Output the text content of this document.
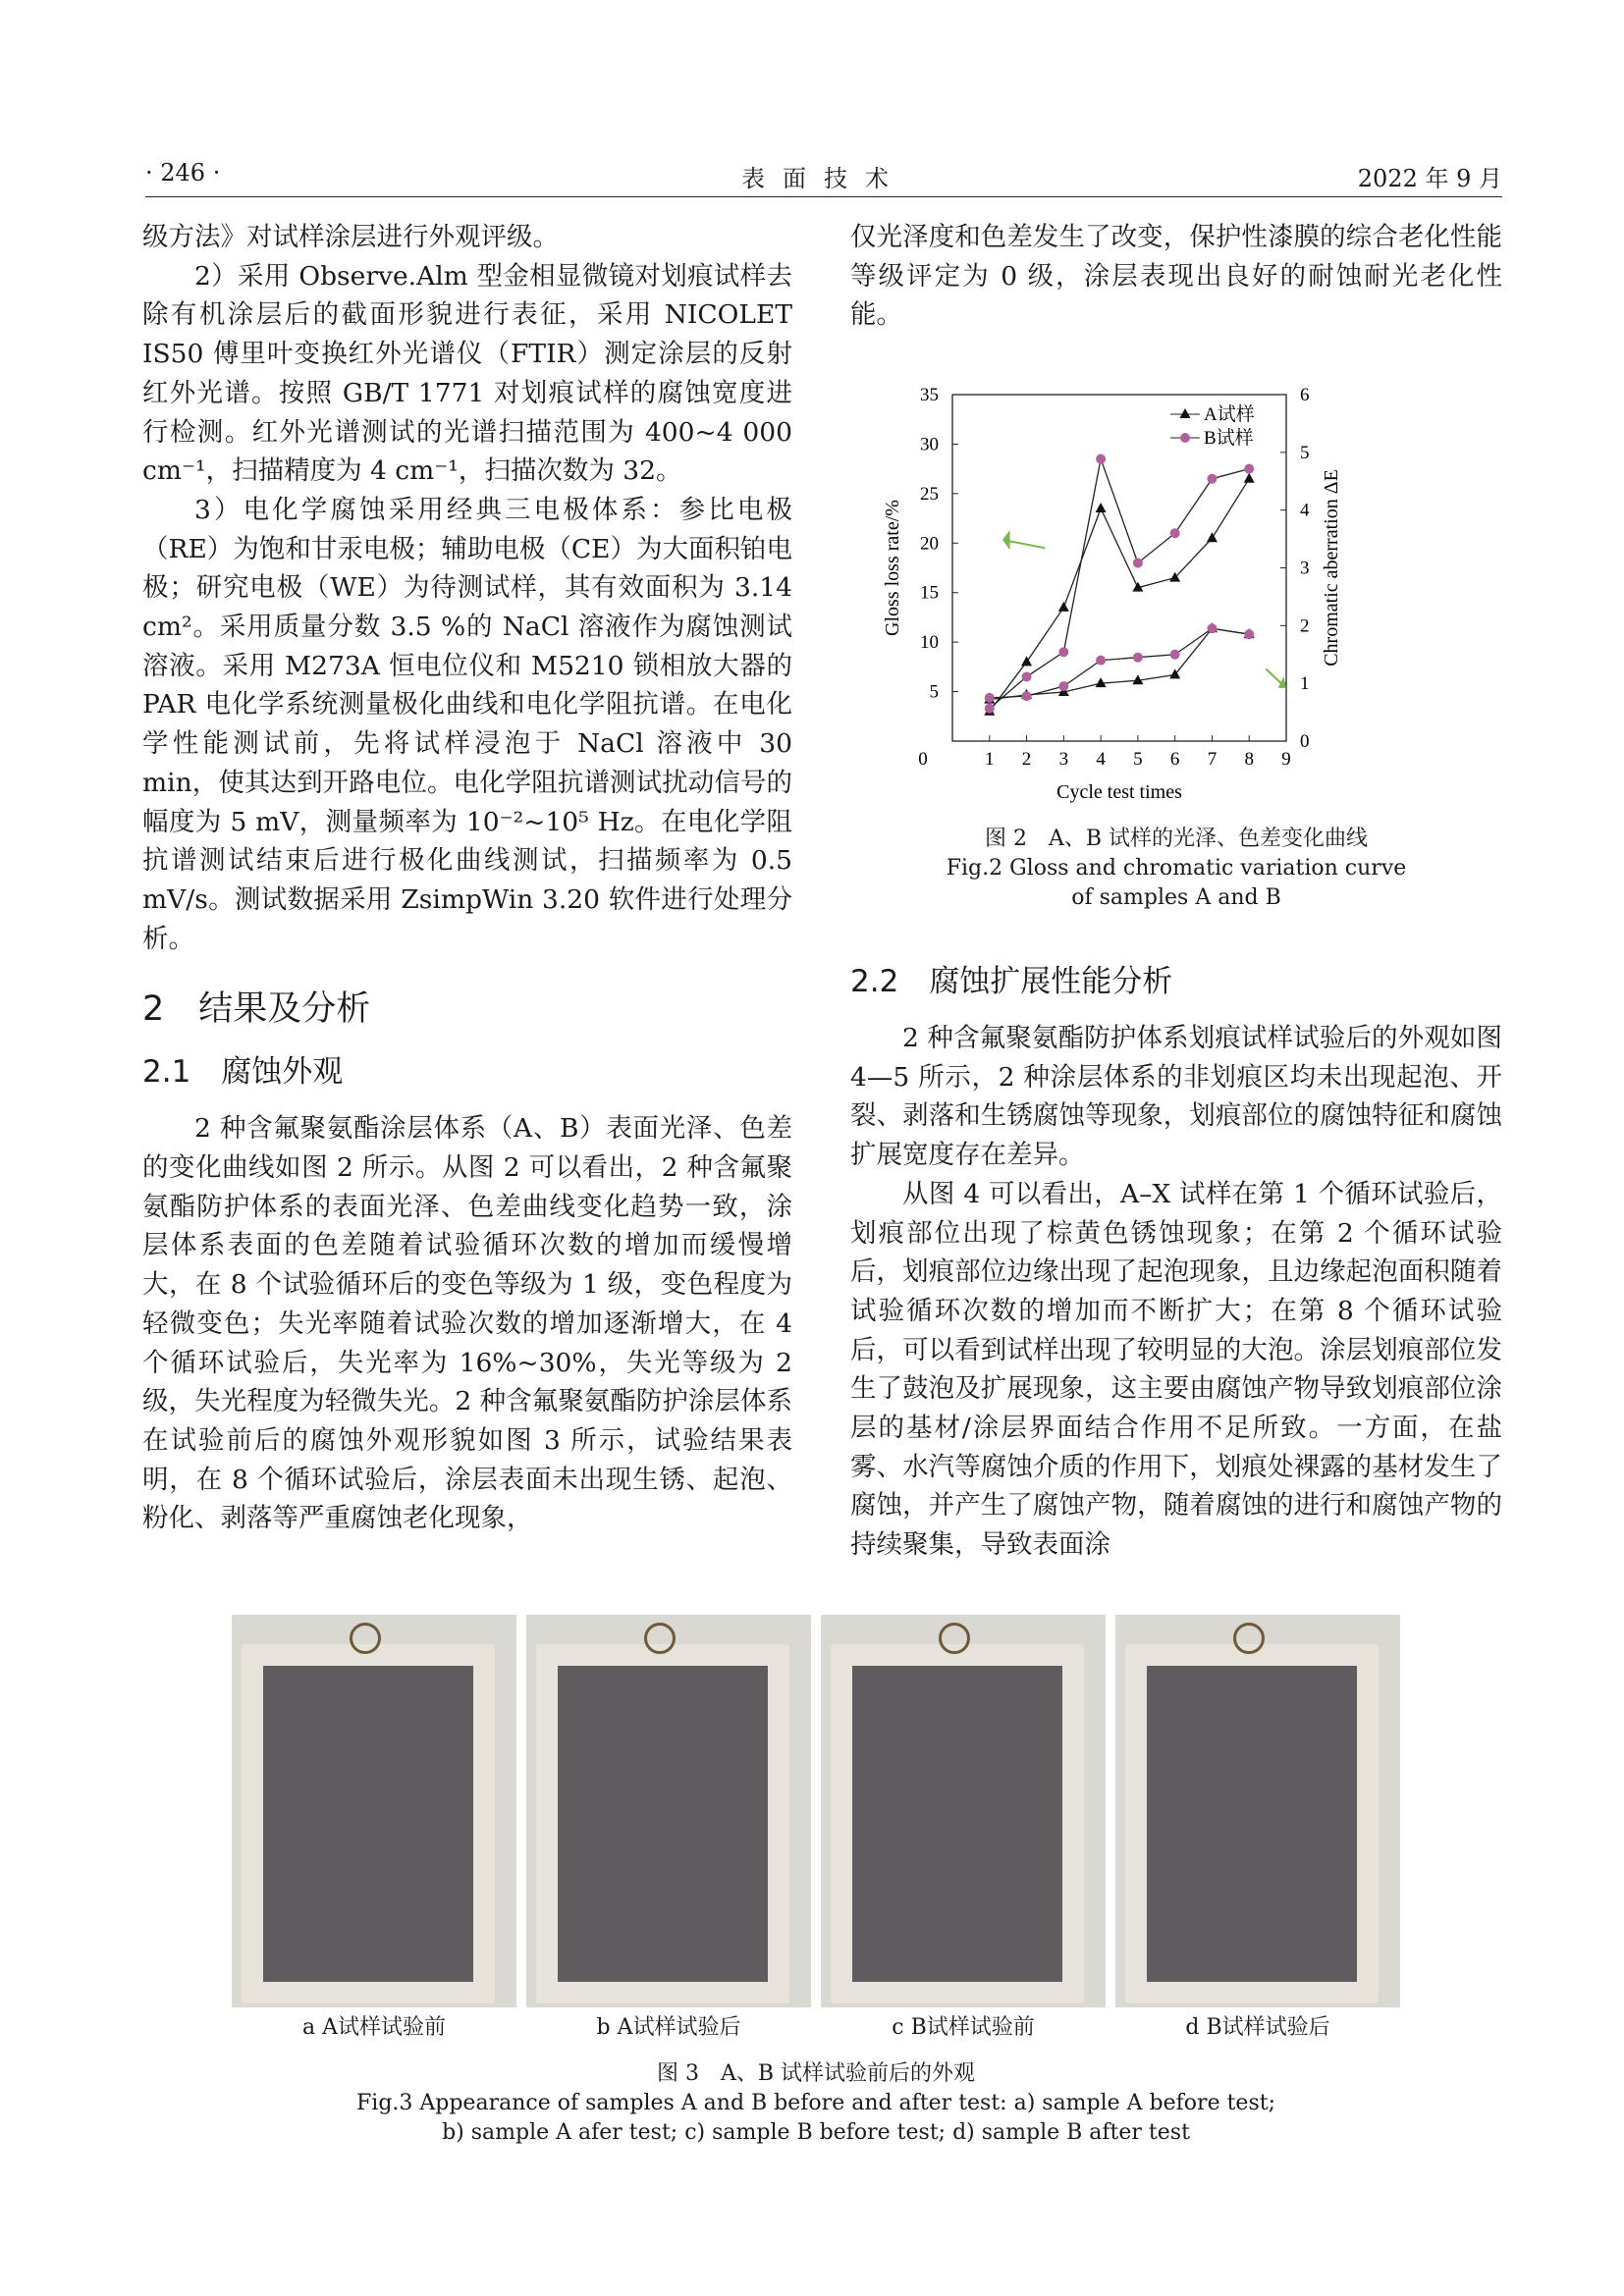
· 246 ·	表面技术	2022 年 9 月

级方法》对试样涂层进行外观评级。

2）采用 Observe.Alm 型金相显微镜对划痕试样去除有机涂层后的截面形貌进行表征，采用 NICOLET IS50 傅里叶变换红外光谱仪（FTIR）测定涂层的反射红外光谱。按照 GB/T 1771 对划痕试样的腐蚀宽度进行检测。红外光谱测试的光谱扫描范围为 400~4 000 cm⁻¹，扫描精度为 4 cm⁻¹，扫描次数为 32。

3）电化学腐蚀采用经典三电极体系：参比电极（RE）为饱和甘汞电极；辅助电极（CE）为大面积铂电极；研究电极（WE）为待测试样，其有效面积为 3.14 cm²。采用质量分数 3.5 %的 NaCl 溶液作为腐蚀测试溶液。采用 M273A 恒电位仪和 M5210 锁相放大器的 PAR 电化学系统测量极化曲线和电化学阻抗谱。在电化学性能测试前，先将试样浸泡于 NaCl 溶液中 30 min，使其达到开路电位。电化学阻抗谱测试扰动信号的幅度为 5 mV，测量频率为 10⁻²~10⁵ Hz。在电化学阻抗谱测试结束后进行极化曲线测试，扫描频率为 0.5 mV/s。测试数据采用 ZsimpWin 3.20 软件进行处理分析。

2　结果及分析
2.1　腐蚀外观

2 种含氟聚氨酯涂层体系（A、B）表面光泽、色差的变化曲线如图 2 所示。从图 2 可以看出，2 种含氟聚氨酯防护体系的表面光泽、色差曲线变化趋势一致，涂层体系表面的色差随着试验循环次数的增加而缓慢增大，在 8 个试验循环后的变色等级为 1 级，变色程度为轻微变色；失光率随着试验次数的增加逐渐增大，在 4 个循环试验后，失光率为 16%~30%，失光等级为 2 级，失光程度为轻微失光。2 种含氟聚氨酯防护涂层体系在试验前后的腐蚀外观形貌如图 3 所示，试验结果表明，在 8 个循环试验后，涂层表面未出现生锈、起泡、粉化、剥落等严重腐蚀老化现象，

仅光泽度和色差发生了改变，保护性漆膜的综合老化性能等级评定为 0 级，涂层表现出良好的耐蚀耐光老化性能。

1 2 3 4 5 6 7 8 9
0
5
10
15
20
25
30
35
0
1
2
3
4
5
6
Cycle test times
Gloss loss rate/%	Chromatic aberration ΔE
A试样
B试样
图 2　A、B 试样的光泽、色差变化曲线
Fig.2 Gloss and chromatic variation curve
of samples A and B
2.2　腐蚀扩展性能分析

2 种含氟聚氨酯防护体系划痕试样试验后的外观如图 4—5 所示，2 种涂层体系的非划痕区均未出现起泡、开裂、剥落和生锈腐蚀等现象，划痕部位的腐蚀特征和腐蚀扩展宽度存在差异。

从图 4 可以看出，A–X 试样在第 1 个循环试验后，划痕部位出现了棕黄色锈蚀现象；在第 2 个循环试验后，划痕部位边缘出现了起泡现象，且边缘起泡面积随着试验循环次数的增加而不断扩大；在第 8 个循环试验后，可以看到试样出现了较明显的大泡。涂层划痕部位发生了鼓泡及扩展现象，这主要由腐蚀产物导致划痕部位涂层的基材/涂层界面结合作用不足所致。一方面，在盐雾、水汽等腐蚀介质的作用下，划痕处裸露的基材发生了腐蚀，并产生了腐蚀产物，随着腐蚀的进行和腐蚀产物的持续聚集，导致表面涂

a A试样试验前	b A试样试验后	c B试样试验前	d B试样试验后
图 3　A、B 试样试验前后的外观
Fig.3 Appearance of samples A and B before and after test: a) sample A before test;
b) sample A afer test; c) sample B before test; d) sample B after test
